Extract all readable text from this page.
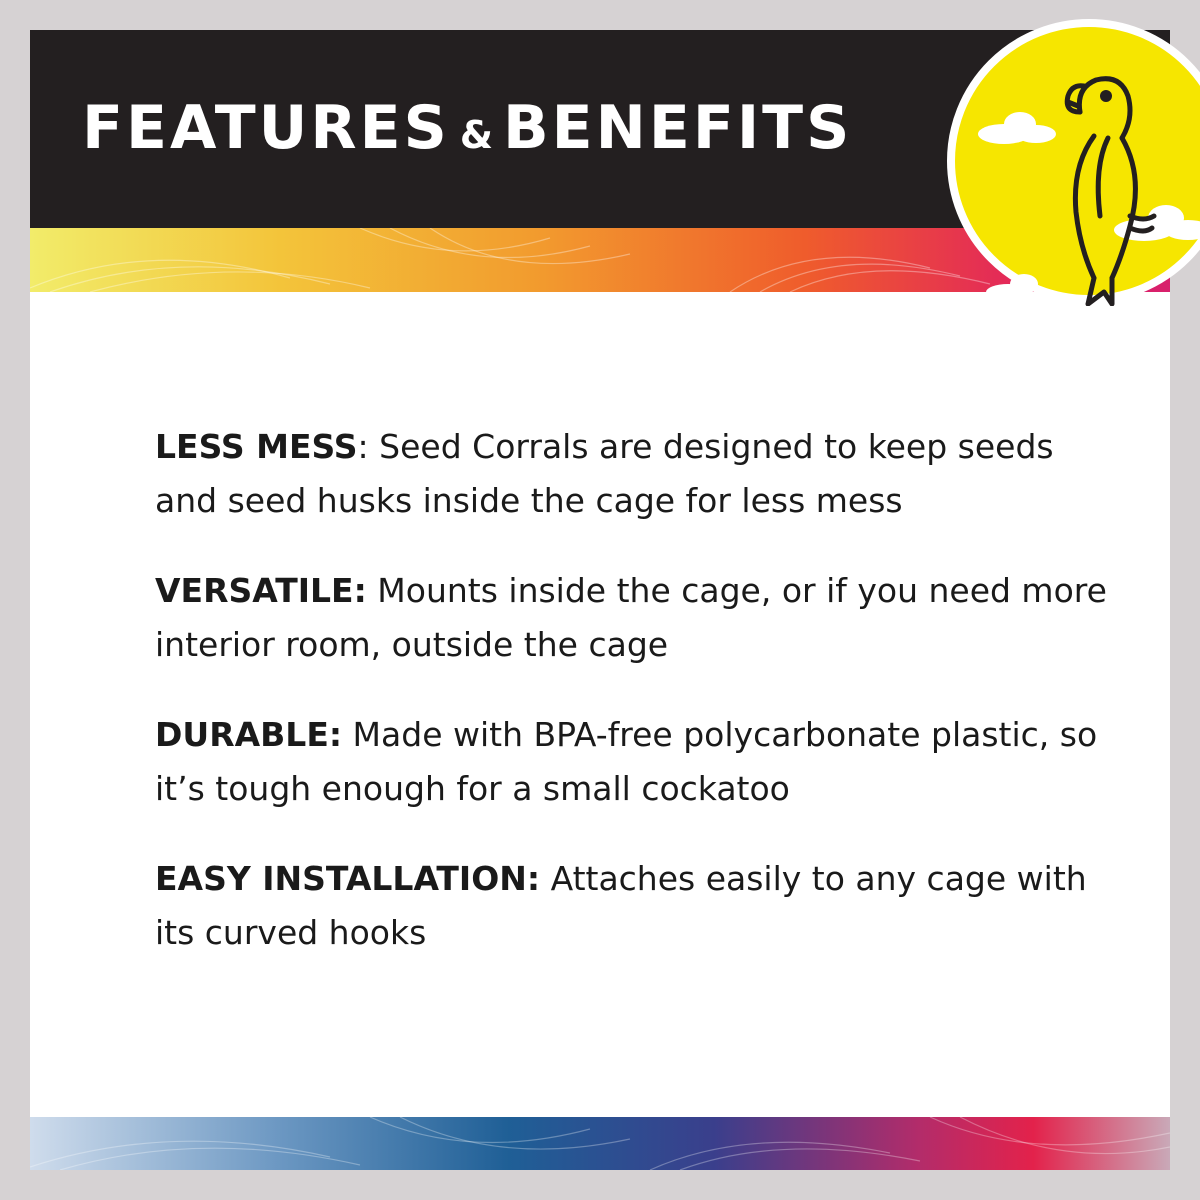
FEATURES & BENEFITS

LESS MESS: Seed Corrals are designed to keep seeds and seed husks inside the cage for less mess

VERSATILE: Mounts inside the cage, or if you need more interior room, outside the cage

DURABLE: Made with BPA-free polycarbonate plastic, so it’s tough enough for a small cockatoo

EASY INSTALLATION: Attaches easily to any cage with its curved hooks
